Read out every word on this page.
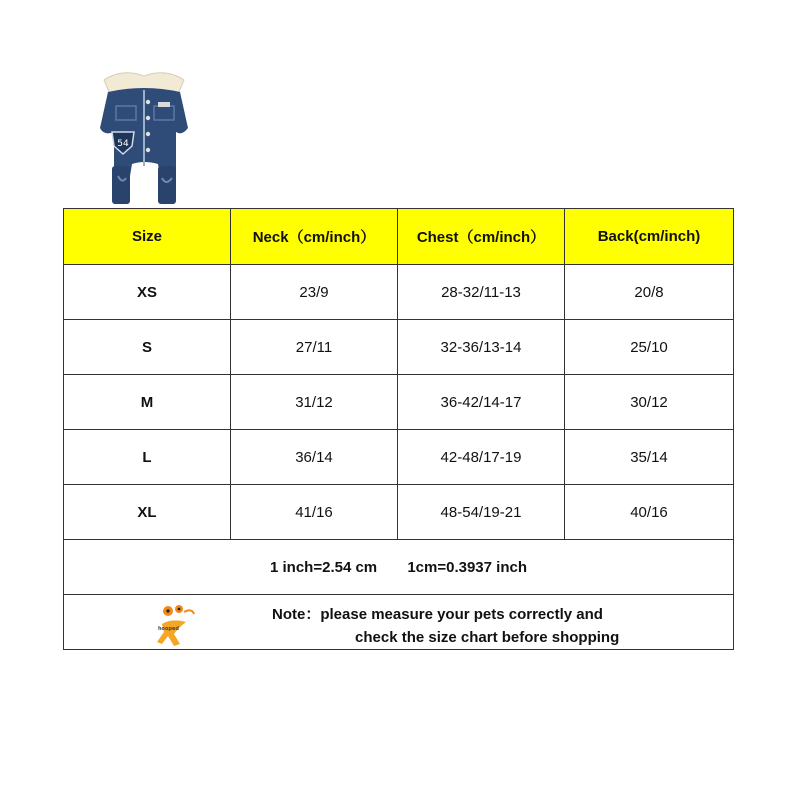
54
Size	Neck（cm/inch）	Chest（cm/inch）	Back(cm/inch)
XS	23/9	28-32/11-13	20/8
S	27/11	32-36/13-14	25/10
M	31/12	36-42/14-17	30/12
L	36/14	42-48/17-19	35/14
XL	41/16	48-54/19-21	40/16
1 inch=2.54 cm 1cm=0.3937 inch			

hooped
Note：please measure your pets correctly and
check the size chart before shopping			
